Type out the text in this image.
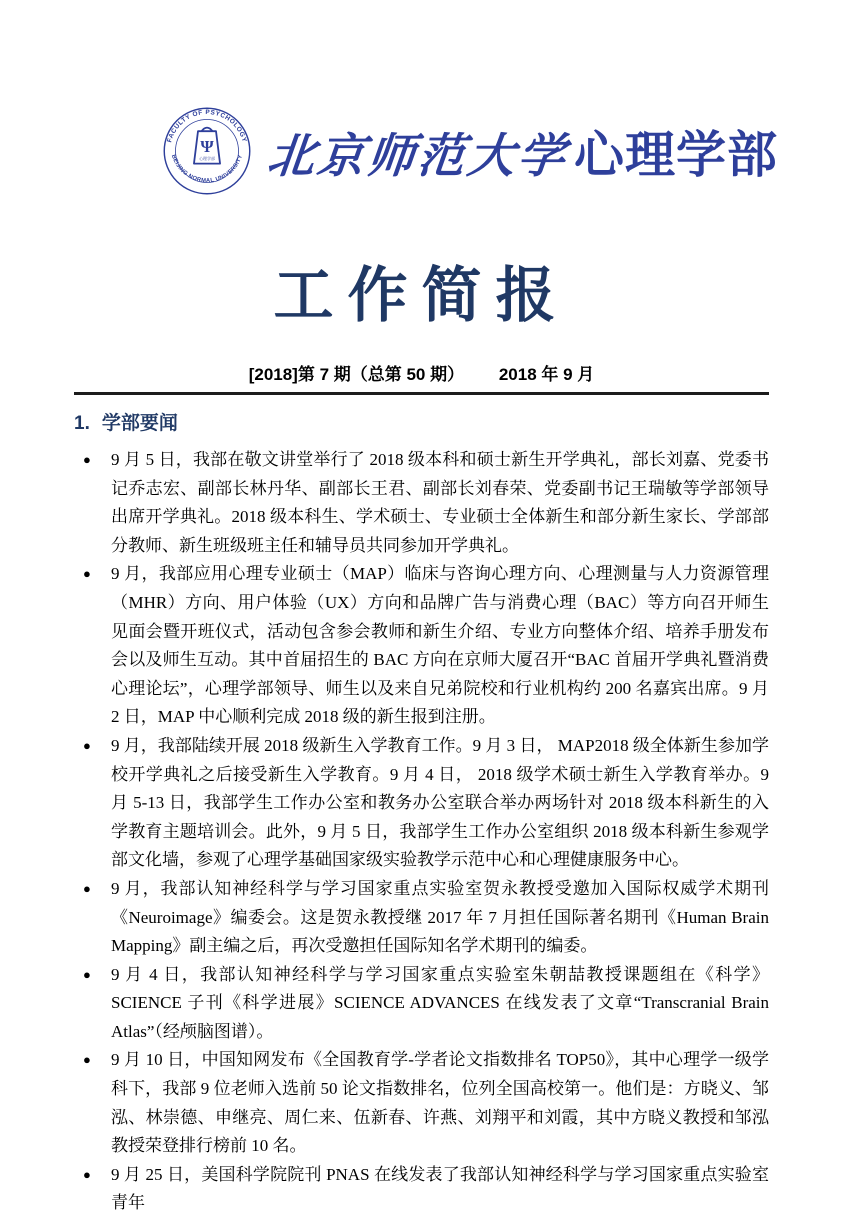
FACULTY OF PSYCHOLOGY
BEIJING NORMAL UNIVERSITY
Ψ
心理学部 北京师范大学 心理学部
工作简报
[2018]第 7 期（总第 50 期） 2018 年 9 月
1. 学部要闻
●	9 月 5 日，我部在敬文讲堂举行了 2018 级本科和硕士新生开学典礼，部长刘嘉、党委书记乔志宏、副部长林丹华、副部长王君、副部长刘春荣、党委副书记王瑞敏等学部领导出席开学典礼。2018 级本科生、学术硕士、专业硕士全体新生和部分新生家长、学部部分教师、新生班级班主任和辅导员共同参加开学典礼。
●	9 月，我部应用心理专业硕士（MAP）临床与咨询心理方向、心理测量与人力资源管理（MHR）方向、用户体验（UX）方向和品牌广告与消费心理（BAC）等方向召开师生见面会暨开班仪式，活动包含参会教师和新生介绍、专业方向整体介绍、培养手册发布会以及师生互动。其中首届招生的 BAC 方向在京师大厦召开“BAC 首届开学典礼暨消费心理论坛”，心理学部领导、师生以及来自兄弟院校和行业机构约 200 名嘉宾出席。9 月 2 日，MAP 中心顺利完成 2018 级的新生报到注册。
●	9 月，我部陆续开展 2018 级新生入学教育工作。9 月 3 日， MAP2018 级全体新生参加学校开学典礼之后接受新生入学教育。9 月 4 日， 2018 级学术硕士新生入学教育举办。9 月 5-13 日，我部学生工作办公室和教务办公室联合举办两场针对 2018 级本科新生的入学教育主题培训会。此外，9 月 5 日，我部学生工作办公室组织 2018 级本科新生参观学部文化墙，参观了心理学基础国家级实验教学示范中心和心理健康服务中心。
●	9 月，我部认知神经科学与学习国家重点实验室贺永教授受邀加入国际权威学术期刊《Neuroimage》编委会。这是贺永教授继 2017 年 7 月担任国际著名期刊《Human Brain Mapping》副主编之后，再次受邀担任国际知名学术期刊的编委。
●	9 月 4 日，我部认知神经科学与学习国家重点实验室朱朝喆教授课题组在《科学》SCIENCE 子刊《科学进展》SCIENCE ADVANCES 在线发表了文章“Transcranial Brain Atlas”（经颅脑图谱）。
●	9 月 10 日，中国知网发布《全国教育学-学者论文指数排名 TOP50》，其中心理学一级学科下，我部 9 位老师入选前 50 论文指数排名，位列全国高校第一。他们是：方晓义、邹泓、林崇德、申继亮、周仁来、伍新春、许燕、刘翔平和刘霞，其中方晓义教授和邹泓教授荣登排行榜前 10 名。
●	9 月 25 日，美国科学院院刊 PNAS 在线发表了我部认知神经科学与学习国家重点实验室青年
